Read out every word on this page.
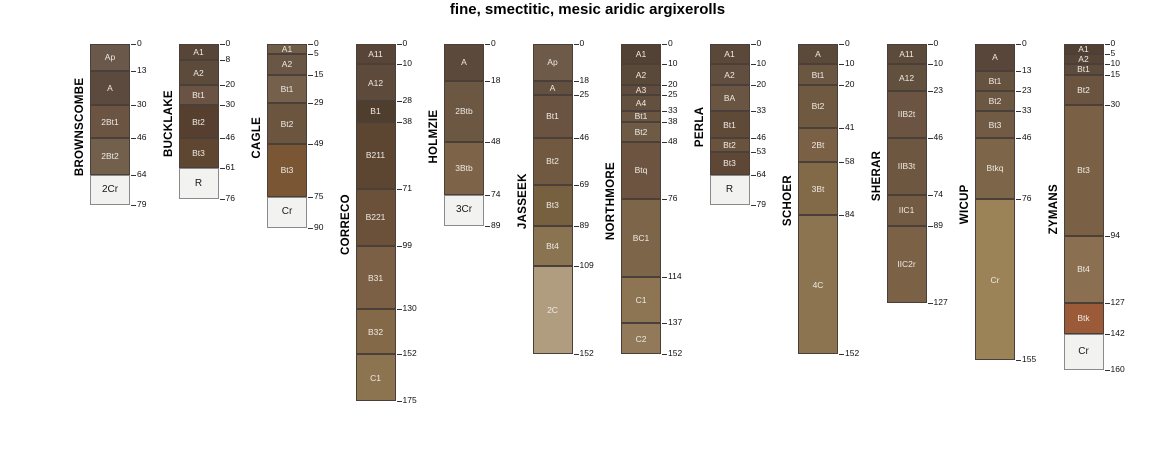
fine, smectitic, mesic aridic argixerolls
BROWNSCOMBE
Ap
A
2Bt1
2Bt2
2Cr
0
13
30
46
64
79
BUCKLAKE
A1
A2
Bt1
Bt2
Bt3
R
0
8
20
30
46
61
76
CAGLE
A1
A2
Bt1
Bt2
Bt3
Cr
0
5
15
29
49
75
90 CORRECO
A11
A12
B1
B211
B221
B31
B32
C1
0
10
28
38
71
99
130
152
175
HOLMZIE
A
2Btb
3Btb
3Cr
0
18
48
74
89 JASSEEK
Ap
A
Bt1
Bt2
Bt3
Bt4
2C
0
18
25
46
69
89
109
152
NORTHMORE
A1
A2
A3
A4
Bt1
Bt2
Btq
BC1
C1
C2
0
10
20
25
33
38
48
76
114
137
152
PERLA
A1
A2
BA
Bt1
Bt2
Bt3
R
0
10
20
33
46
53
64
79 SCHOER
A
Bt1
Bt2
2Bt
3Bt
4C
0
10
20
41
58
84
152
SHERAR
A11
A12
IIB2t
IIB3t
IIC1
IIC2r
0
10
23
46
74
89
127
WICUP
A
Bt1
Bt2
Bt3
Btkq
Cr
0
13
23
33
46
76
155
ZYMANS
A1
A2
Bt1
Bt2
Bt3
Bt4
Btk
Cr
0
5
10
15
30
94
127
142
160
